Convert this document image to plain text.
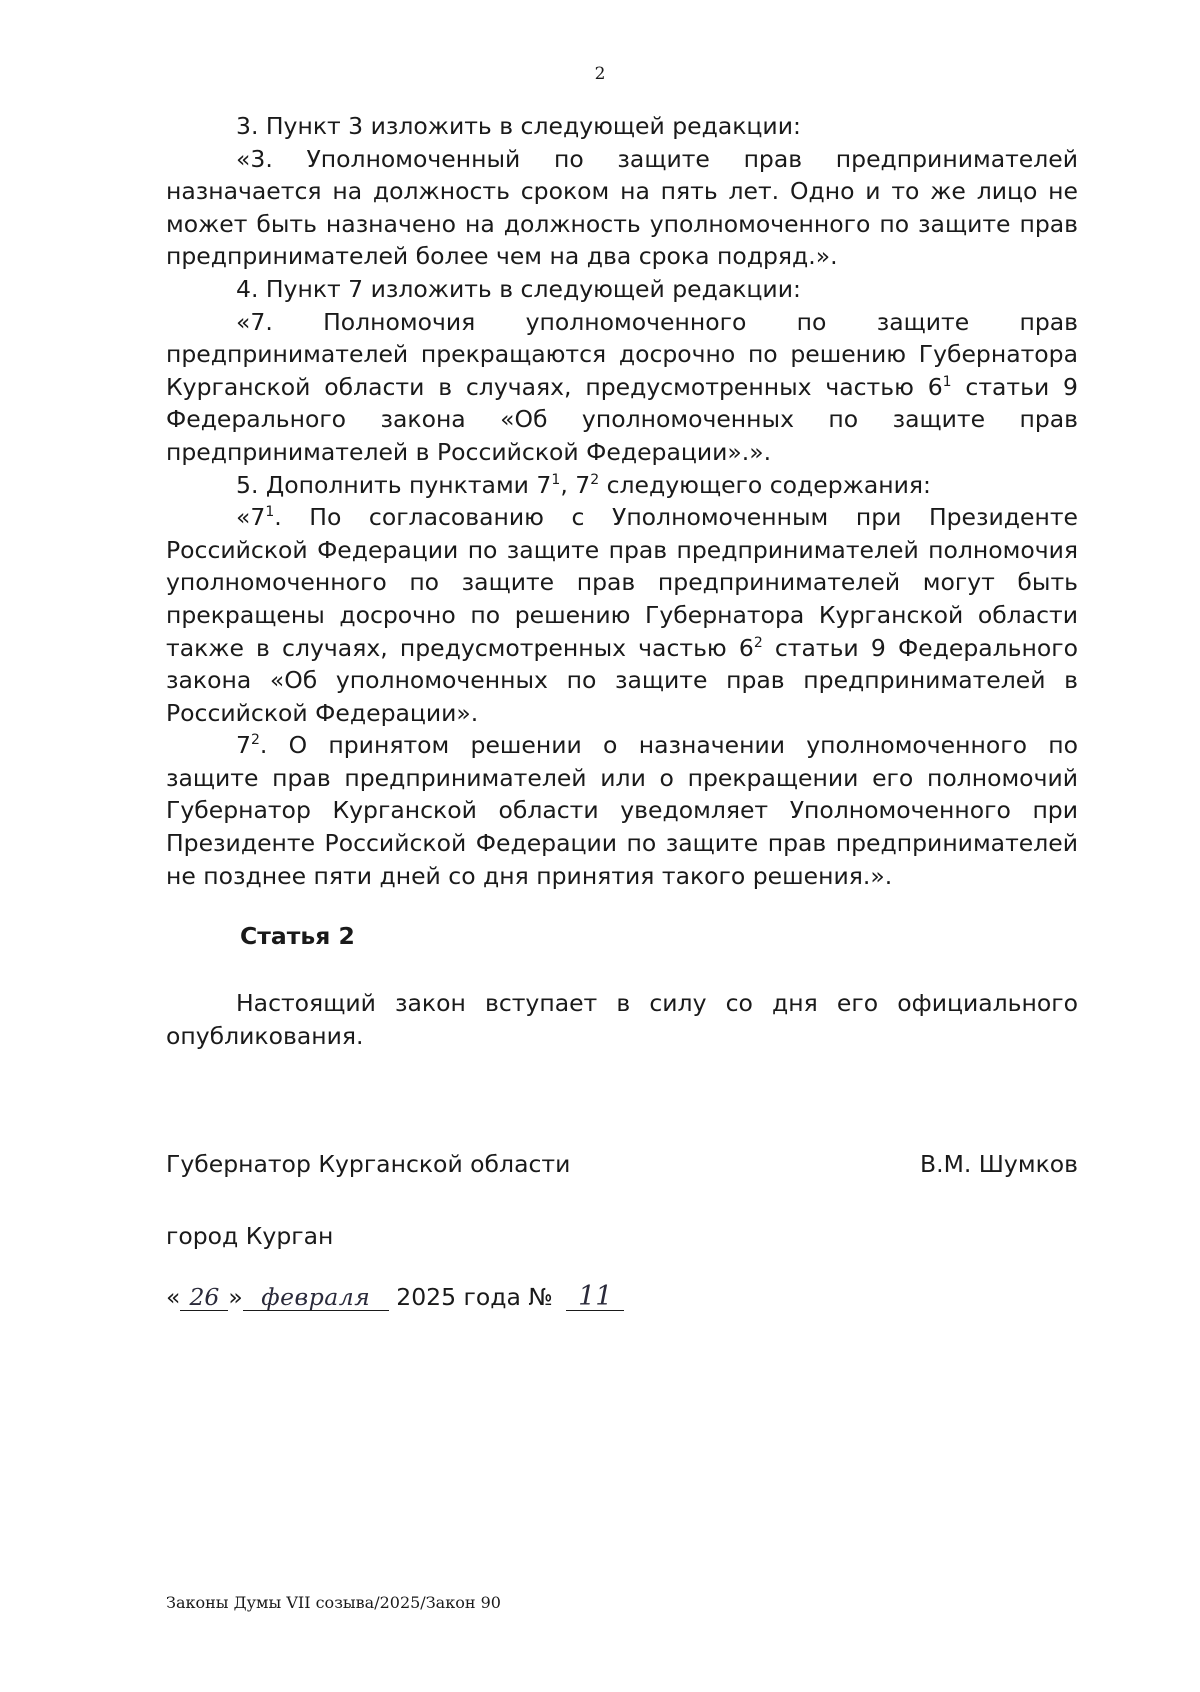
2

3. Пункт 3 изложить в следующей редакции:

«3. Уполномоченный по защите прав предпринимателей назначается на должность сроком на пять лет. Одно и то же лицо не может быть назначено на должность уполномоченного по защите прав предпринимателей более чем на два срока подряд.».

4. Пункт 7 изложить в следующей редакции:

«7. Полномочия уполномоченного по защите прав предпринимателей прекращаются досрочно по решению Губернатора Курганской области в случаях, предусмотренных частью $6^1$ статьи 9 Федерального закона «Об уполномоченных по защите прав предпринимателей в Российской Федерации».».

5. Дополнить пунктами $7^1$, $7^2$ следующего содержания:

«$7^1$. По согласованию с Уполномоченным при Президенте Российской Федерации по защите прав предпринимателей полномочия уполномоченного по защите прав предпринимателей могут быть прекращены досрочно по решению Губернатора Курганской области также в случаях, предусмотренных частью $6^2$ статьи 9 Федерального закона «Об уполномоченных по защите прав предпринимателей в Российской Федерации».

$7^2$. О принятом решении о назначении уполномоченного по защите прав предпринимателей или о прекращении его полномочий Губернатор Курганской области уведомляет Уполномоченного при Президенте Российской Федерации по защите прав предпринимателей не позднее пяти дней со дня принятия такого решения.».

Статья 2

Настоящий закон вступает в силу со дня его официального опубликования.

Губернатор Курганской области	В.М. Шумков
город Курган
« 26 » февраля 2025 года № 11
Законы Думы VII созыва/2025/Закон 90
